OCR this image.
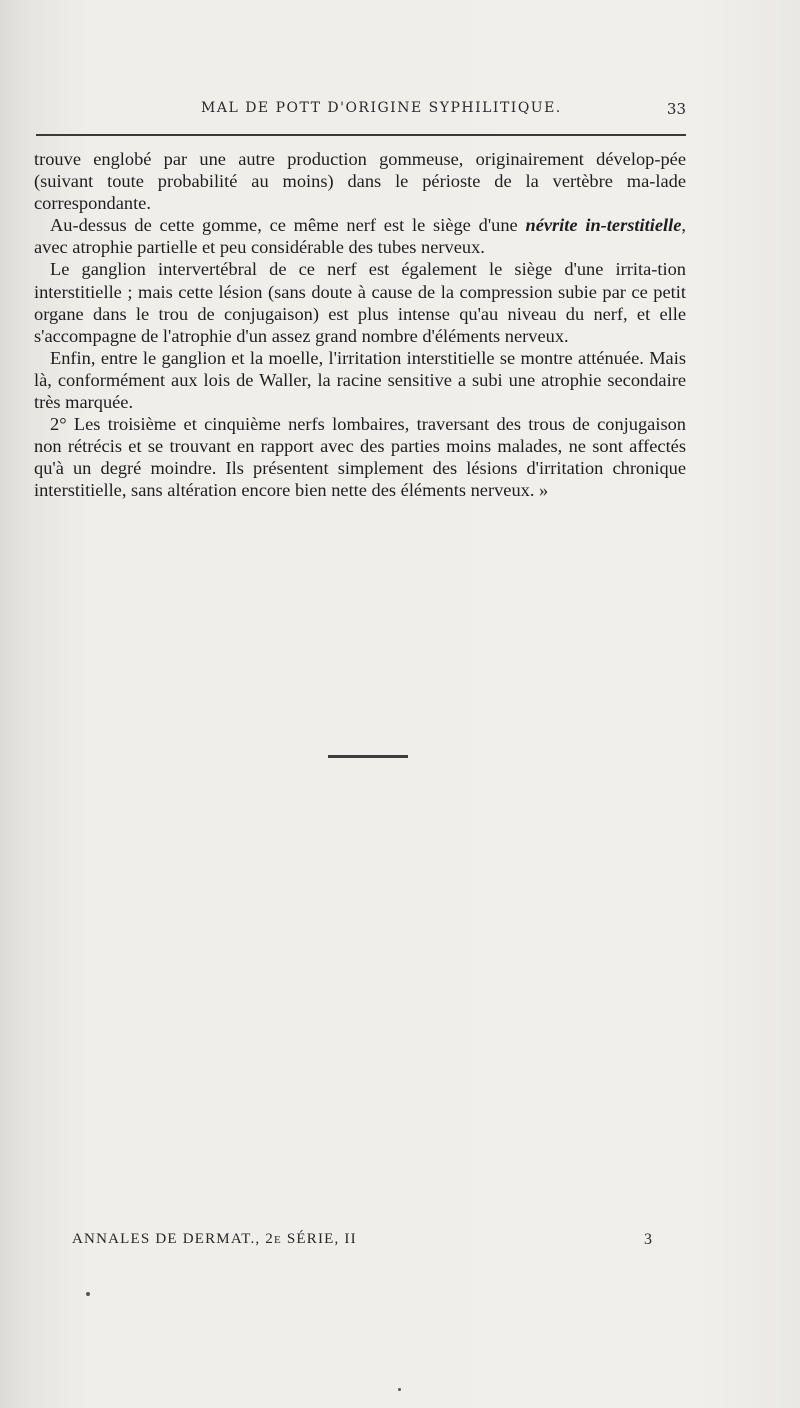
MAL DE POTT D'ORIGINE SYPHILITIQUE.	33

trouve englobé par une autre production gommeuse, originairement dévelop-pée (suivant toute probabilité au moins) dans le périoste de la vertèbre ma-lade correspondante.

Au-dessus de cette gomme, ce même nerf est le siège d'une névrite in-terstitielle, avec atrophie partielle et peu considérable des tubes nerveux.

Le ganglion intervertébral de ce nerf est également le siège d'une irrita-tion interstitielle ; mais cette lésion (sans doute à cause de la compression subie par ce petit organe dans le trou de conjugaison) est plus intense qu'au niveau du nerf, et elle s'accompagne de l'atrophie d'un assez grand nombre d'éléments nerveux.

Enfin, entre le ganglion et la moelle, l'irritation interstitielle se montre atténuée. Mais là, conformément aux lois de Waller, la racine sensitive a subi une atrophie secondaire très marquée.

2° Les troisième et cinquième nerfs lombaires, traversant des trous de conjugaison non rétrécis et se trouvant en rapport avec des parties moins malades, ne sont affectés qu'à un degré moindre. Ils présentent simplement des lésions d'irritation chronique interstitielle, sans altération encore bien nette des éléments nerveux. »

ANNALES DE DERMAT., 2e SÉRIE, II	3
